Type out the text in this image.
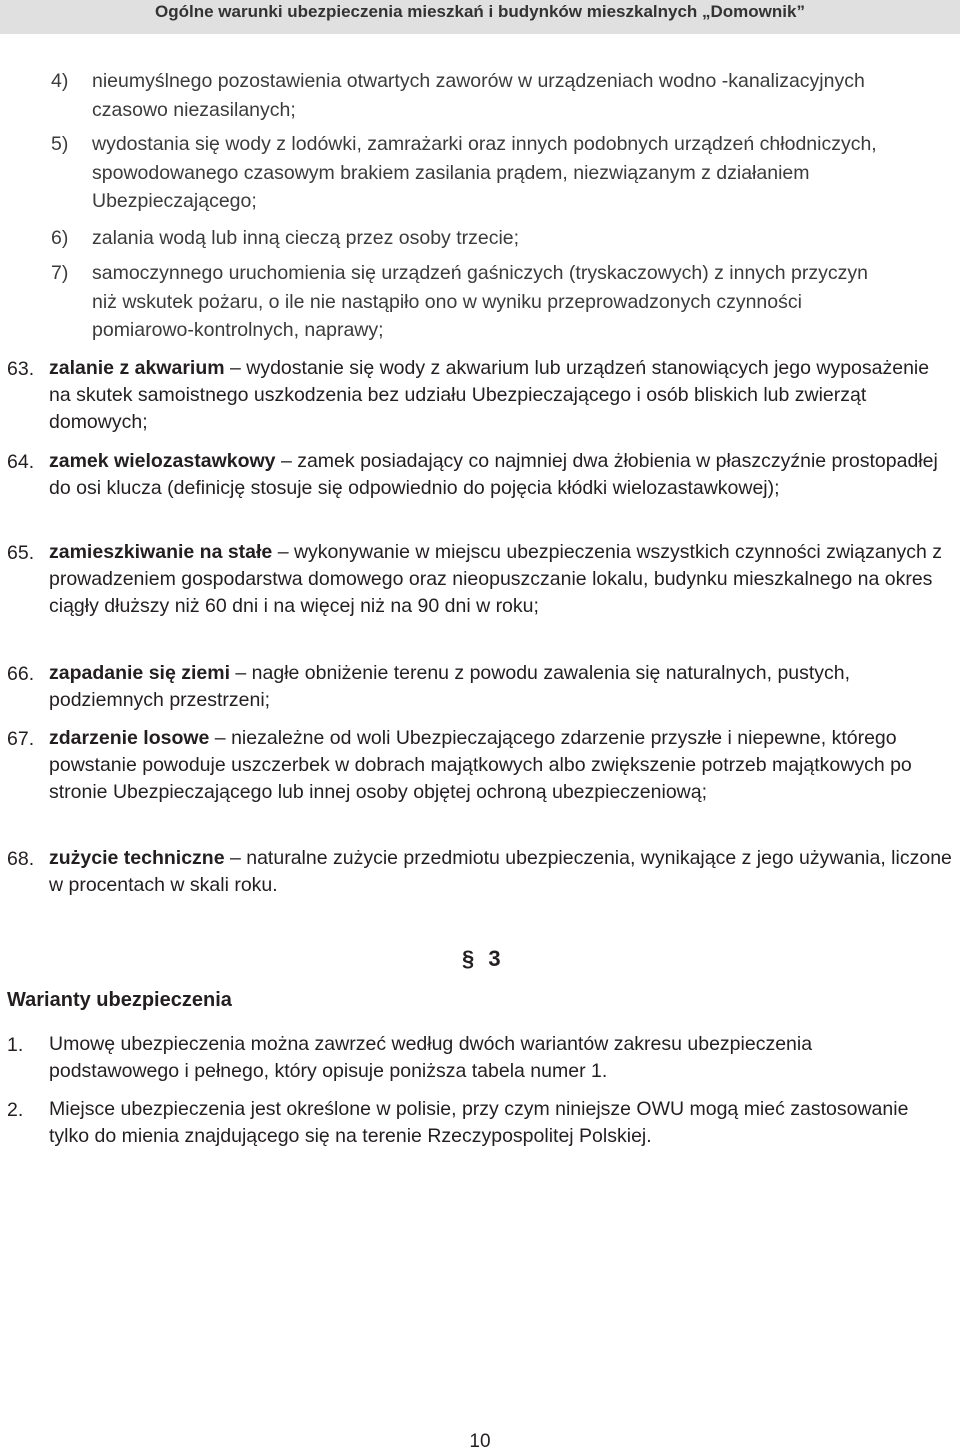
Ogólne warunki ubezpieczenia mieszkań i budynków mieszkalnych „Domownik”
4) nieumyślnego pozostawienia otwartych zaworów w urządzeniach wodno -kanalizacyjnych czasowo niezasilanych;

5) wydostania się wody z lodówki, zamrażarki oraz innych podobnych urządzeń chłodniczych, spowodowanego czasowym brakiem zasilania prądem, niezwiązanym z działaniem Ubezpieczającego;

6) zalania wodą lub inną cieczą przez osoby trzecie;

7) samoczynnego uruchomienia się urządzeń gaśniczych (tryskaczowych) z innych przyczyn niż wskutek pożaru, o ile nie nastąpiło ono w wyniku przeprowadzonych czynności pomiarowo-kontrolnych, naprawy;

63. zalanie z akwarium – wydostanie się wody z akwarium lub urządzeń stanowiących jego wyposażenie na skutek samoistnego uszkodzenia bez udziału Ubezpieczającego i osób bliskich lub zwierząt domowych;

64. zamek wielozastawkowy – zamek posiadający co najmniej dwa żłobienia w płaszczyźnie prostopadłej do osi klucza (definicję stosuje się odpowiednio do pojęcia kłódki wielozastawkowej);

65. zamieszkiwanie na stałe – wykonywanie w miejscu ubezpieczenia wszystkich czynności związanych z prowadzeniem gospodarstwa domowego oraz nieopuszczanie lokalu, budynku mieszkalnego na okres ciągły dłuższy niż 60 dni i na więcej niż na 90 dni w roku;

66. zapadanie się ziemi – nagłe obniżenie terenu z powodu zawalenia się naturalnych, pustych, podziemnych przestrzeni;

67. zdarzenie losowe – niezależne od woli Ubezpieczającego zdarzenie przyszłe i niepewne, którego powstanie powoduje uszczerbek w dobrach majątkowych albo zwiększenie potrzeb majątkowych po stronie Ubezpieczającego lub innej osoby objętej ochroną ubezpieczeniową;

68. zużycie techniczne – naturalne zużycie przedmiotu ubezpieczenia, wynikające z jego używania, liczone w procentach w skali roku.

§ 3
Warianty ubezpieczenia
1. Umowę ubezpieczenia można zawrzeć według dwóch wariantów zakresu ubezpieczenia podstawowego i pełnego, który opisuje poniższa tabela numer 1.

2. Miejsce ubezpieczenia jest określone w polisie, przy czym niniejsze OWU mogą mieć zastosowanie tylko do mienia znajdującego się na terenie Rzeczypospolitej Polskiej.

10
